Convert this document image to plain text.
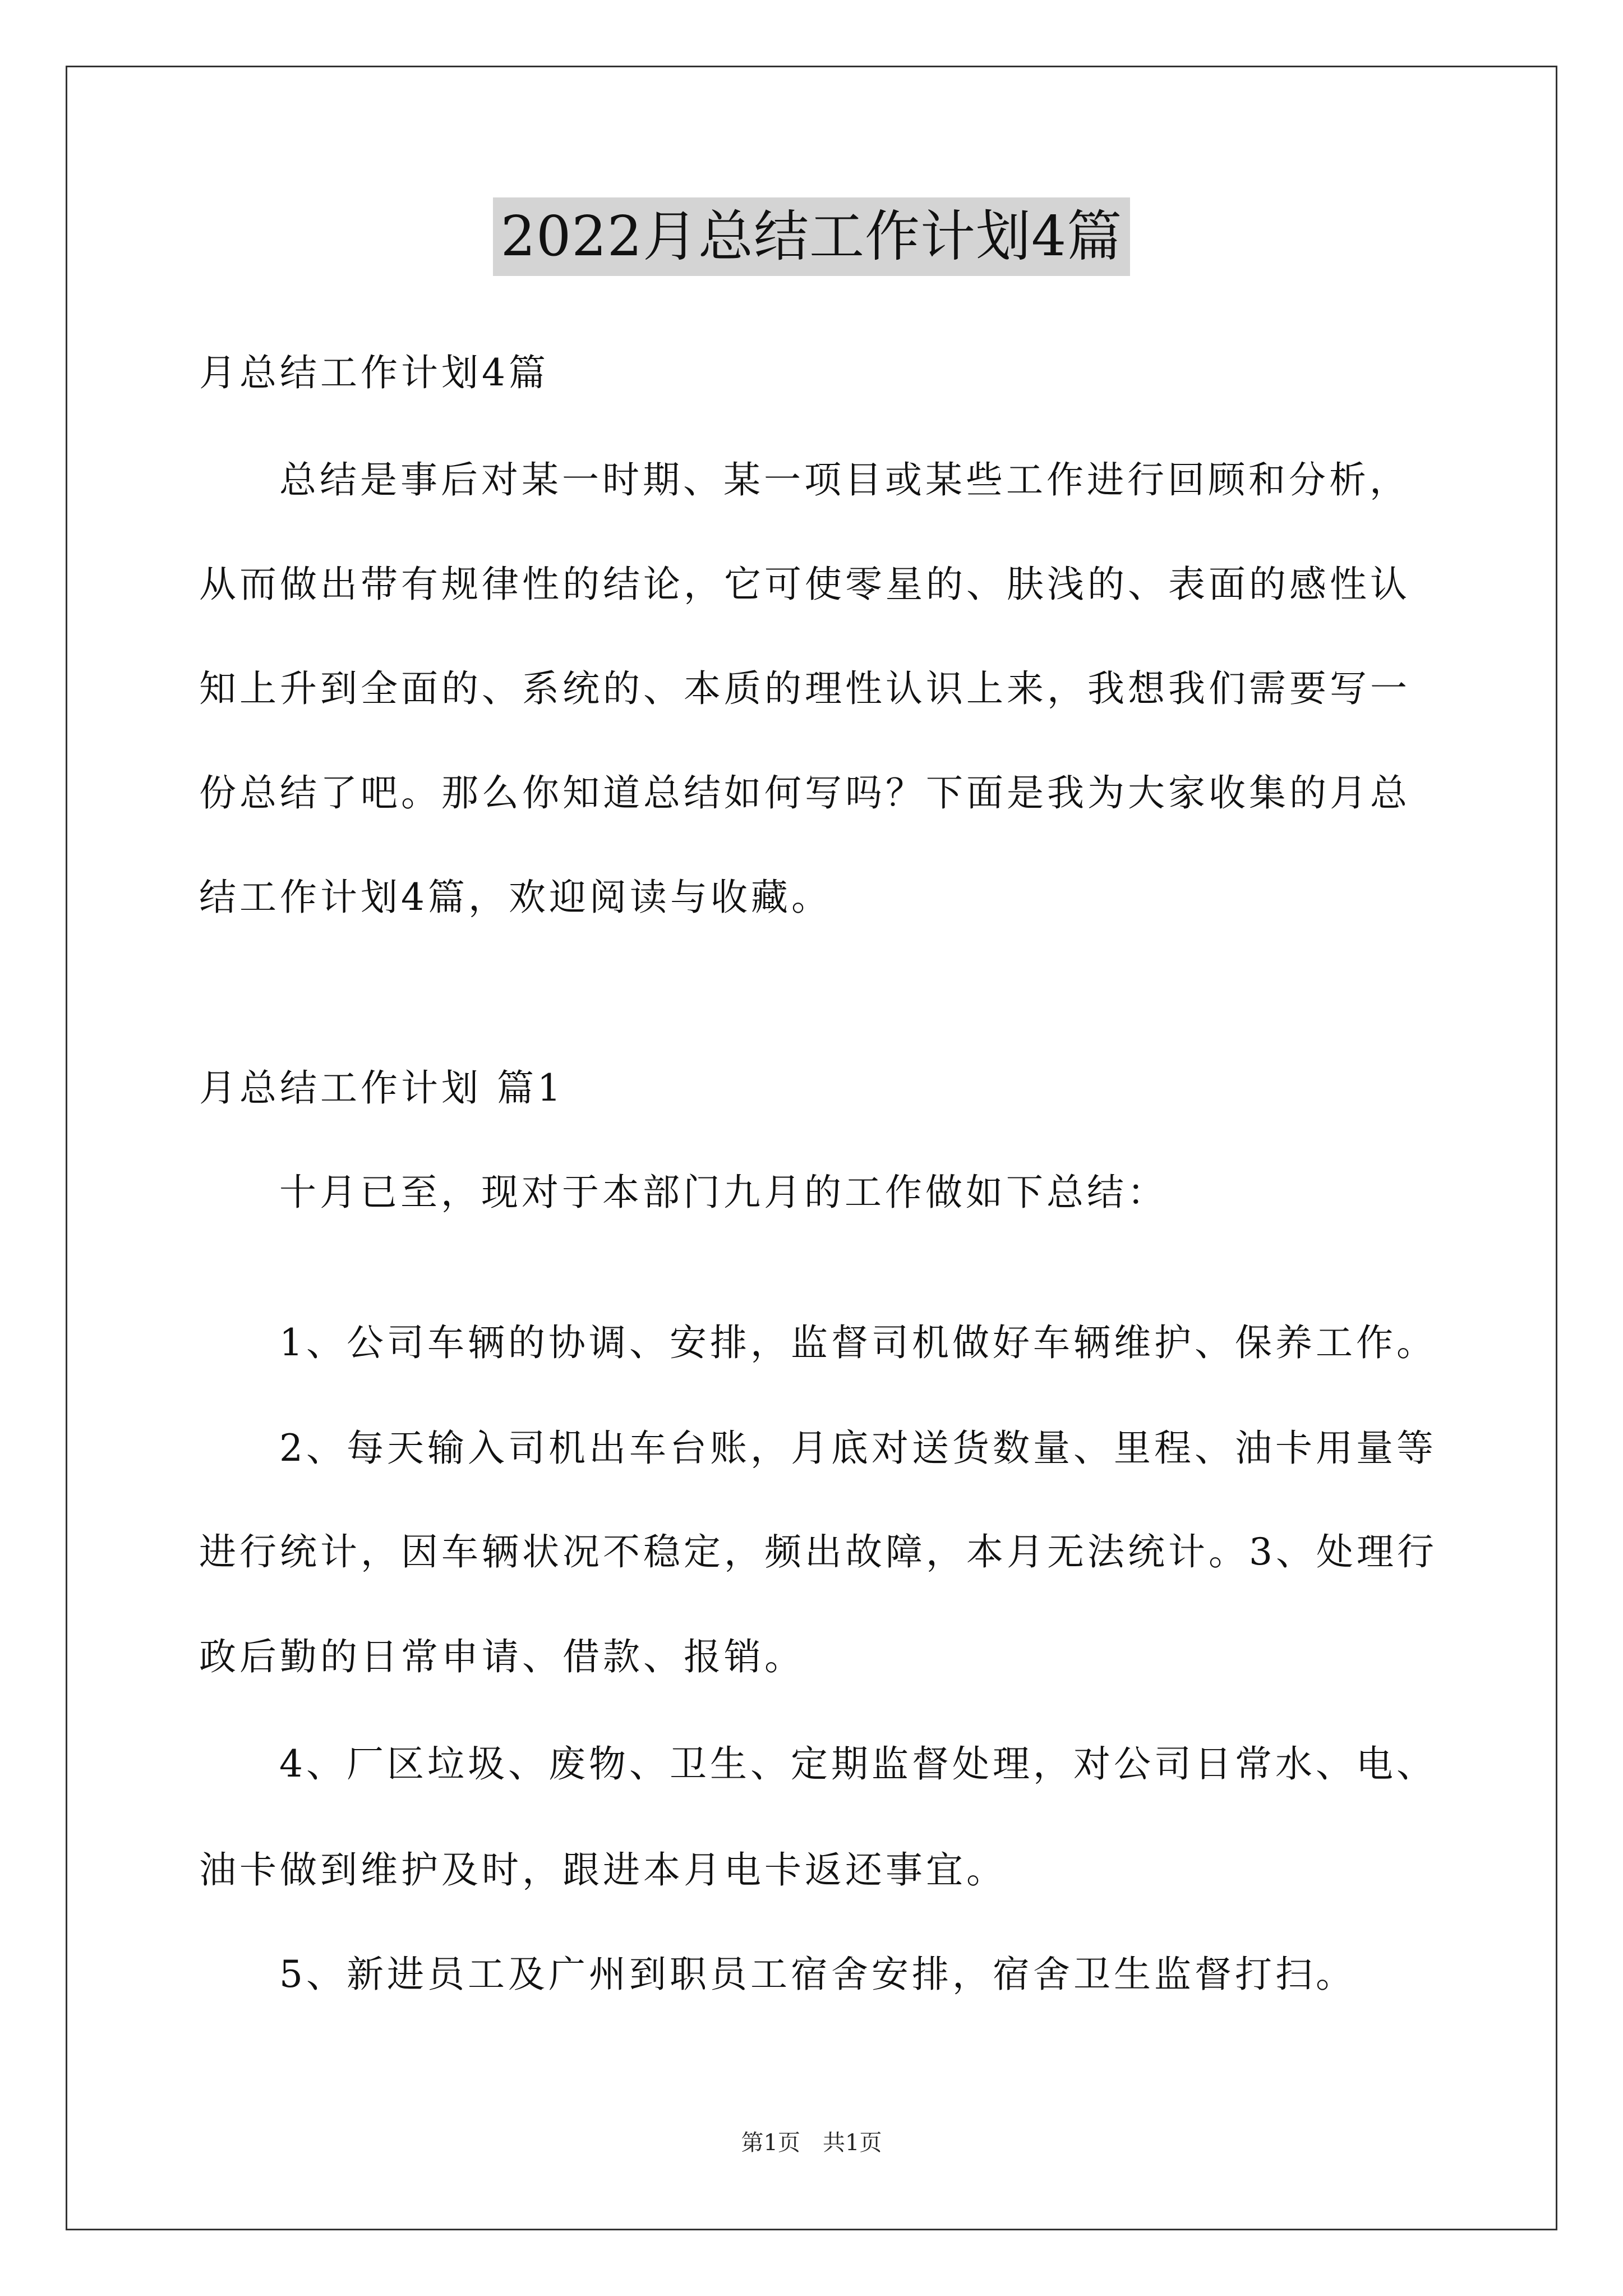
2022月总结工作计划4篇
月总结工作计划4篇
总结是事后对某一时期、某一项目或某些工作进行回顾和分析，
从而做出带有规律性的结论，它可使零星的、肤浅的、表面的感性认
知上升到全面的、系统的、本质的理性认识上来，我想我们需要写一
份总结了吧。那么你知道总结如何写吗？下面是我为大家收集的月总
结工作计划4篇，欢迎阅读与收藏。
月总结工作计划 篇1
十月已至，现对于本部门九月的工作做如下总结：
1、公司车辆的协调、安排，监督司机做好车辆维护、保养工作。
2、每天输入司机出车台账，月底对送货数量、里程、油卡用量等
进行统计，因车辆状况不稳定，频出故障，本月无法统计。3、处理行
政后勤的日常申请、借款、报销。
4、厂区垃圾、废物、卫生、定期监督处理，对公司日常水、电、
油卡做到维护及时，跟进本月电卡返还事宜。
5、新进员工及广州到职员工宿舍安排，宿舍卫生监督打扫。
第1页 共1页
